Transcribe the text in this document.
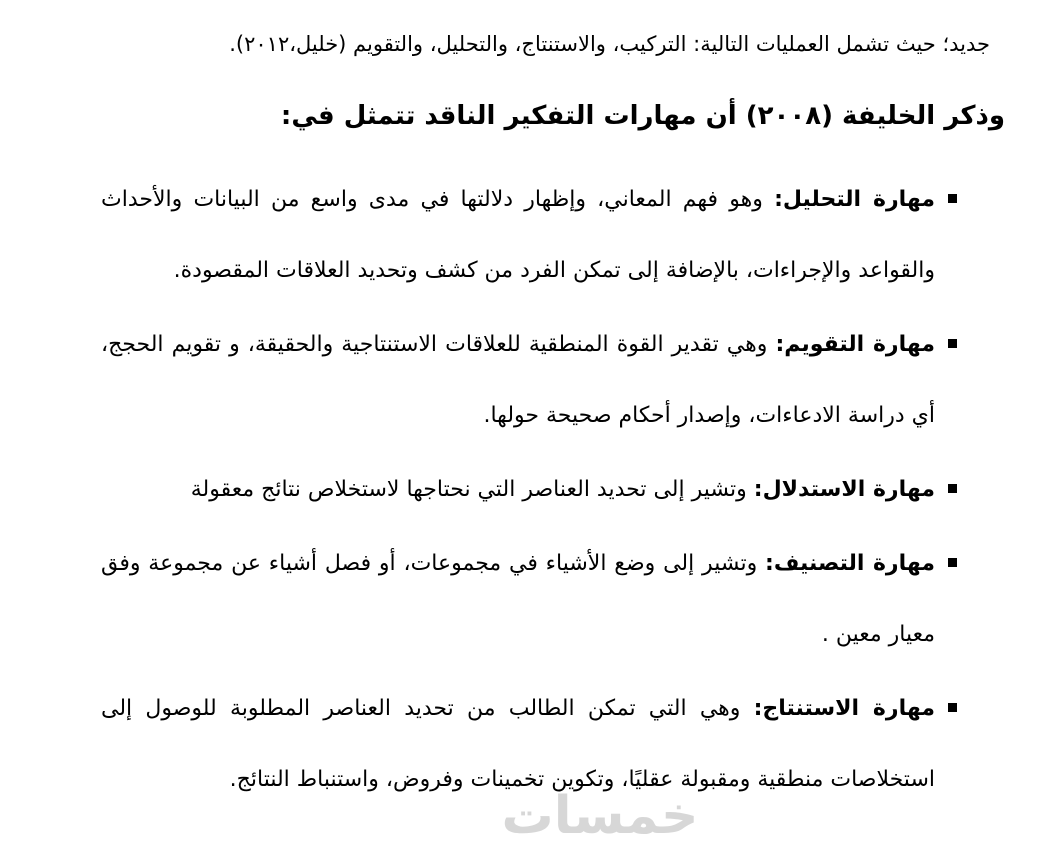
جديد؛ حيث تشمل العمليات التالية: التركيب، والاستنتاج، والتحليل، والتقويم (خليل،٢٠١٢).

وذكر الخليفة (٢٠٠٨) أن مهارات التفكير الناقد تتمثل في:
مهارة التحليل: وهو فهم المعاني، وإظهار دلالتها في مدى واسع من البيانات والأحداث والقواعد والإجراءات، بالإضافة إلى تمكن الفرد من كشف وتحديد العلاقات المقصودة.
مهارة التقويم: وهي تقدير القوة المنطقية للعلاقات الاستنتاجية والحقيقة، و تقويم الحجج، أي دراسة الادعاءات، وإصدار أحكام صحيحة حولها.
مهارة الاستدلال: وتشير إلى تحديد العناصر التي نحتاجها لاستخلاص نتائج معقولة
مهارة التصنيف: وتشير إلى وضع الأشياء في مجموعات، أو فصل أشياء عن مجموعة وفق معيار معين .
مهارة الاستنتاج: وهي التي تمكن الطالب من تحديد العناصر المطلوبة للوصول إلى استخلاصات منطقية ومقبولة عقليًا، وتكوين تخمينات وفروض، واستنباط النتائج.
خمسات
